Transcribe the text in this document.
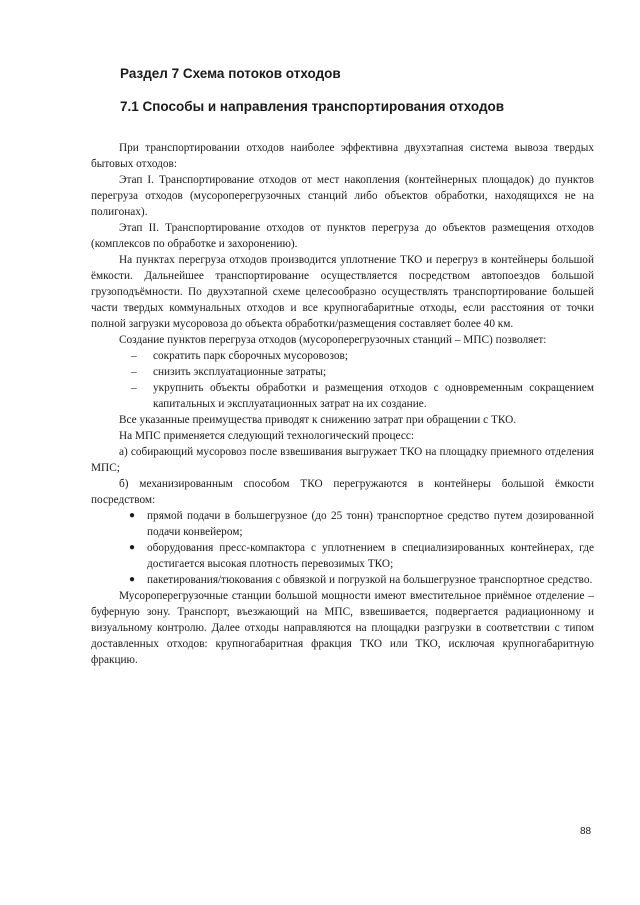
Раздел 7 Схема потоков отходов
7.1 Способы и направления транспортирования отходов

При транспортировании отходов наиболее эффективна двухэтапная система вывоза твердых бытовых отходов:

Этап I. Транспортирование отходов от мест накопления (контейнерных площадок) до пунктов перегруза отходов (мусороперегрузочных станций либо объектов обработки, находящихся не на полигонах).

Этап II. Транспортирование отходов от пунктов перегруза до объектов размещения отходов (комплексов по обработке и захоронению).

На пунктах перегруза отходов производится уплотнение ТКО и перегруз в контейнеры большой ёмкости. Дальнейшее транспортирование осуществляется посредством автопоездов большой грузоподъёмности. По двухэтапной схеме целесообразно осуществлять транспортирование большей части твердых коммунальных отходов и все крупногабаритные отходы, если расстояния от точки полной загрузки мусоровоза до объекта обработки/размещения составляет более 40 км.

Создание пунктов перегруза отходов (мусороперегрузочных станций – МПС) позволяет:

– сократить парк сборочных мусоровозов;
– снизить эксплуатационные затраты;
– укрупнить объекты обработки и размещения отходов с одновременным сокращением капитальных и эксплуатационных затрат на их создание.

Все указанные преимущества приводят к снижению затрат при обращении с ТКО.

На МПС применяется следующий технологический процесс:

а) собирающий мусоровоз после взвешивания выгружает ТКО на площадку приемного отделения МПС;

б) механизированным способом ТКО перегружаются в контейнеры большой ёмкости посредством:

● прямой подачи в большегрузное (до 25 тонн) транспортное средство путем дозированной подачи конвейером;
● оборудования пресс-компактора с уплотнением в специализированных контейнерах, где достигается высокая плотность перевозимых ТКО;
● пакетирования/тюкования с обвязкой и погрузкой на большегрузное транспортное средство.

Мусороперегрузочные станции большой мощности имеют вместительное приёмное отделение – буферную зону. Транспорт, въезжающий на МПС, взвешивается, подвергается радиационному и визуальному контролю. Далее отходы направляются на площадки разгрузки в соответствии с типом доставленных отходов: крупногабаритная фракция ТКО или ТКО, исключая крупногабаритную фракцию.

88
